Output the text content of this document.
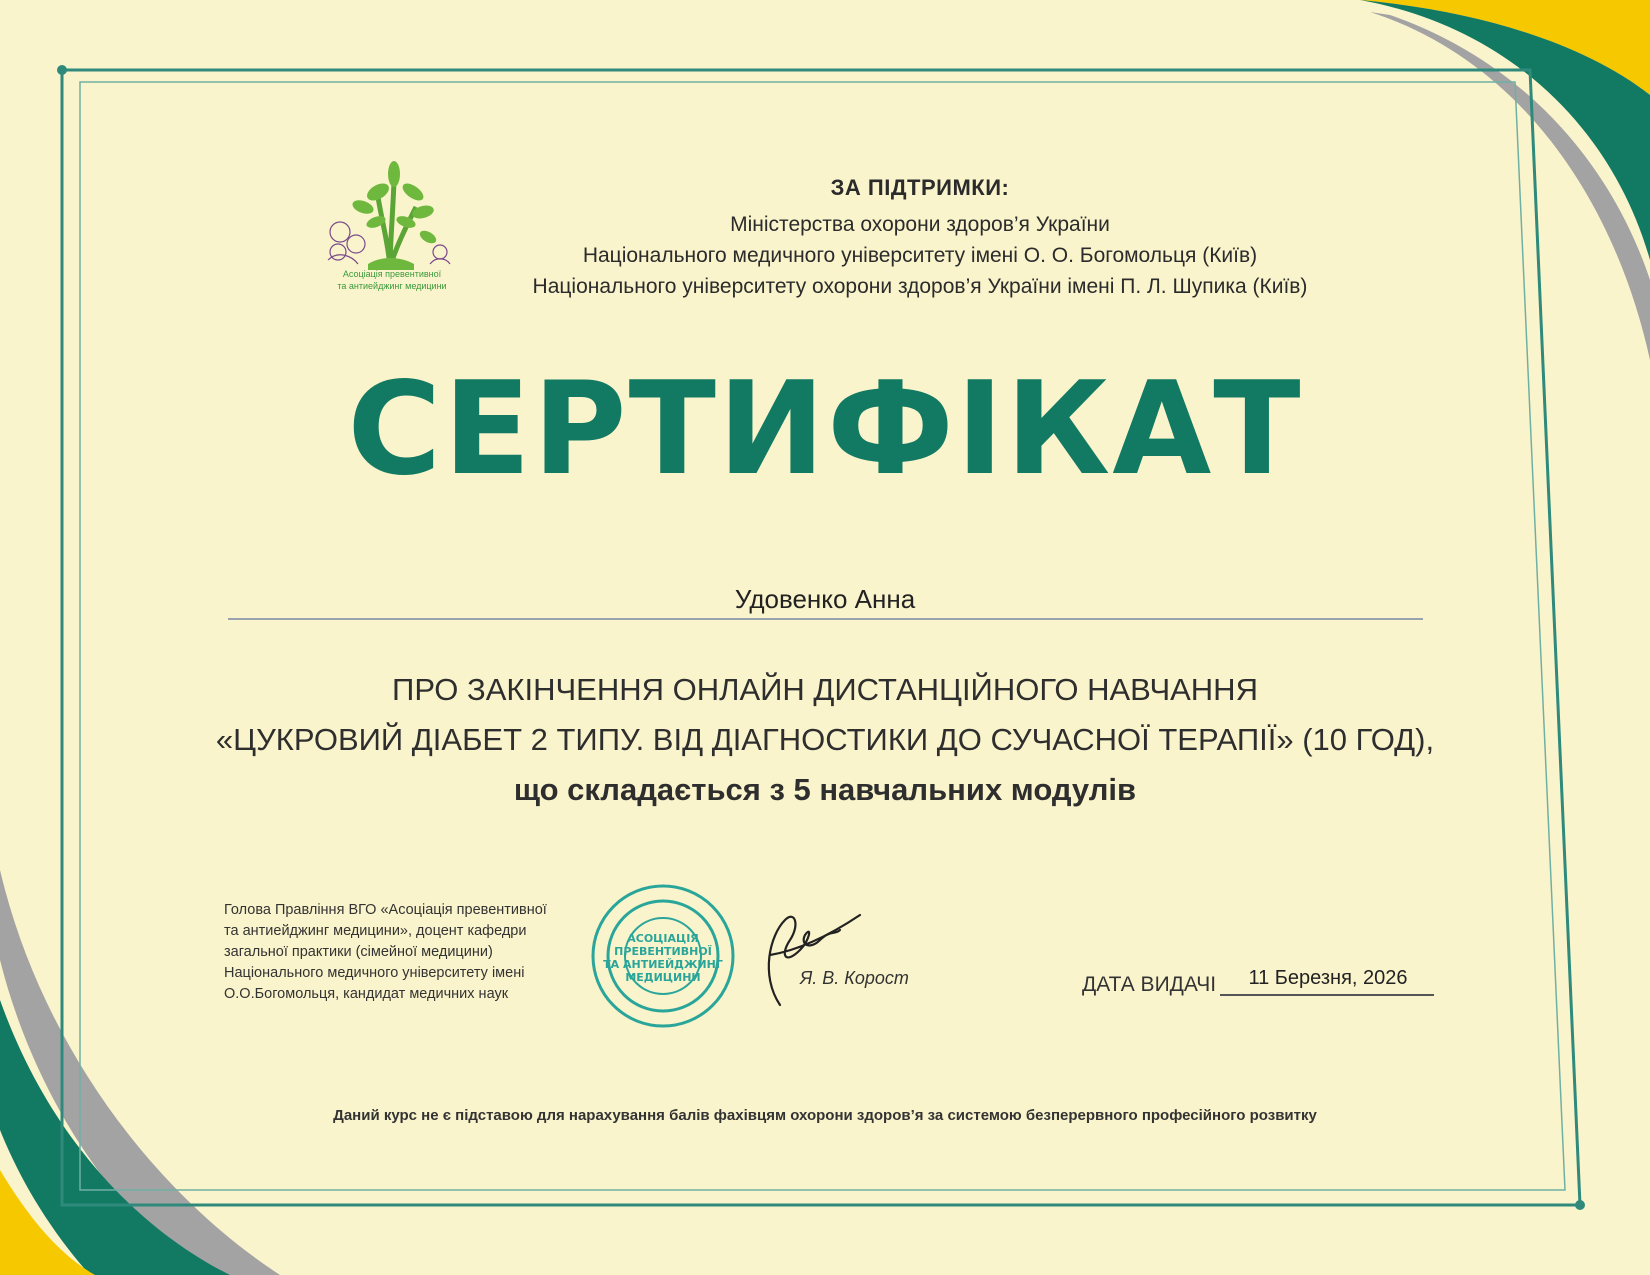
Асоціація превентивної
та антиейджинг медицини
ЗА ПІДТРИМКИ:
Міністерства охорони здоров’я України
Національного медичного університету імені О. О. Богомольця (Київ)
Національного університету охорони здоров’я України імені П. Л. Шупика (Київ)
СЕРТИФІКАТ
Удовенко Анна
ПРО ЗАКІНЧЕННЯ ОНЛАЙН ДИСТАНЦІЙНОГО НАВЧАННЯ
«ЦУКРОВИЙ ДІАБЕТ 2 ТИПУ. ВІД ДІАГНОСТИКИ ДО СУЧАСНОЇ ТЕРАПІЇ» (10 ГОД),
що складається з 5 навчальних модулів
Голова Правління ВГО «Асоціація превентивної
та антиейджинг медицини», доцент кафедри
загальної практики (сімейної медицини)
Національного медичного університету імені
О.О.Богомольця, кандидат медичних наук
АСОЦІАЦІЯ
ПРЕВЕНТИВНОЇ
ТА АНТИЕЙДЖИНГ
МЕДИЦИНИ	Я. В. Корост	ДАТА ВИДАЧІ	11 Березня, 2026
Даний курс не є підставою для нарахування балів фахівцям охорони здоров’я за системою безперервного професійного розвитку
